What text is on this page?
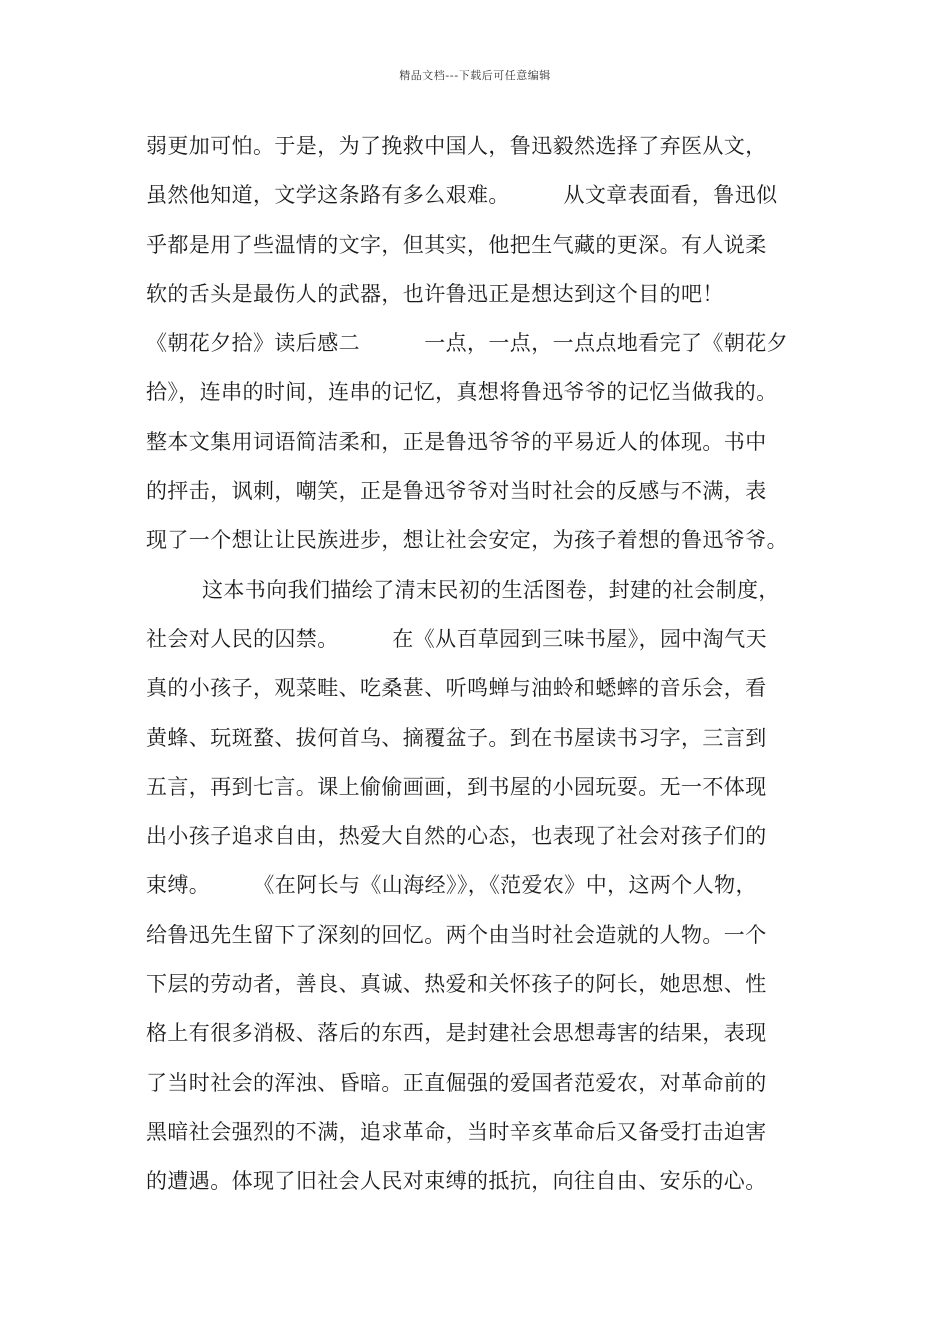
精品文档---下载后可任意编辑
弱更加可怕。于是，为了挽救中国人，鲁迅毅然选择了弃医从文，
虽然他知道，文学这条路有多么艰难。　　　从文章表面看，鲁迅似
乎都是用了些温情的文字，但其实，他把生气藏的更深。有人说柔
软的舌头是最伤人的武器，也许鲁迅正是想达到这个目的吧！
《朝花夕拾》读后感二　　　一点，一点，一点点地看完了《朝花夕
拾》，连串的时间，连串的记忆，真想将鲁迅爷爷的记忆当做我的。
整本文集用词语简洁柔和，正是鲁迅爷爷的平易近人的体现。书中
的抨击，讽刺，嘲笑，正是鲁迅爷爷对当时社会的反感与不满，表
现了一个想让让民族进步，想让社会安定，为孩子着想的鲁迅爷爷。
这本书向我们描绘了清末民初的生活图卷，封建的社会制度，
社会对人民的囚禁。　　　在《从百草园到三味书屋》，园中淘气天
真的小孩子，观菜畦、吃桑葚、听鸣蝉与油蛉和蟋蟀的音乐会，看
黄蜂、玩斑蝥、拔何首乌、摘覆盆子。到在书屋读书习字，三言到
五言，再到七言。课上偷偷画画，到书屋的小园玩耍。无一不体现
出小孩子追求自由，热爱大自然的心态，也表现了社会对孩子们的
束缚。　　　《在阿长与《山海经》》，《范爱农》中，这两个人物，
给鲁迅先生留下了深刻的回忆。两个由当时社会造就的人物。一个
下层的劳动者，善良、真诚、热爱和关怀孩子的阿长，她思想、性
格上有很多消极、落后的东西，是封建社会思想毒害的结果，表现
了当时社会的浑浊、昏暗。正直倔强的爱国者范爱农，对革命前的
黑暗社会强烈的不满，追求革命，当时辛亥革命后又备受打击迫害
的遭遇。体现了旧社会人民对束缚的抵抗，向往自由、安乐的心。
